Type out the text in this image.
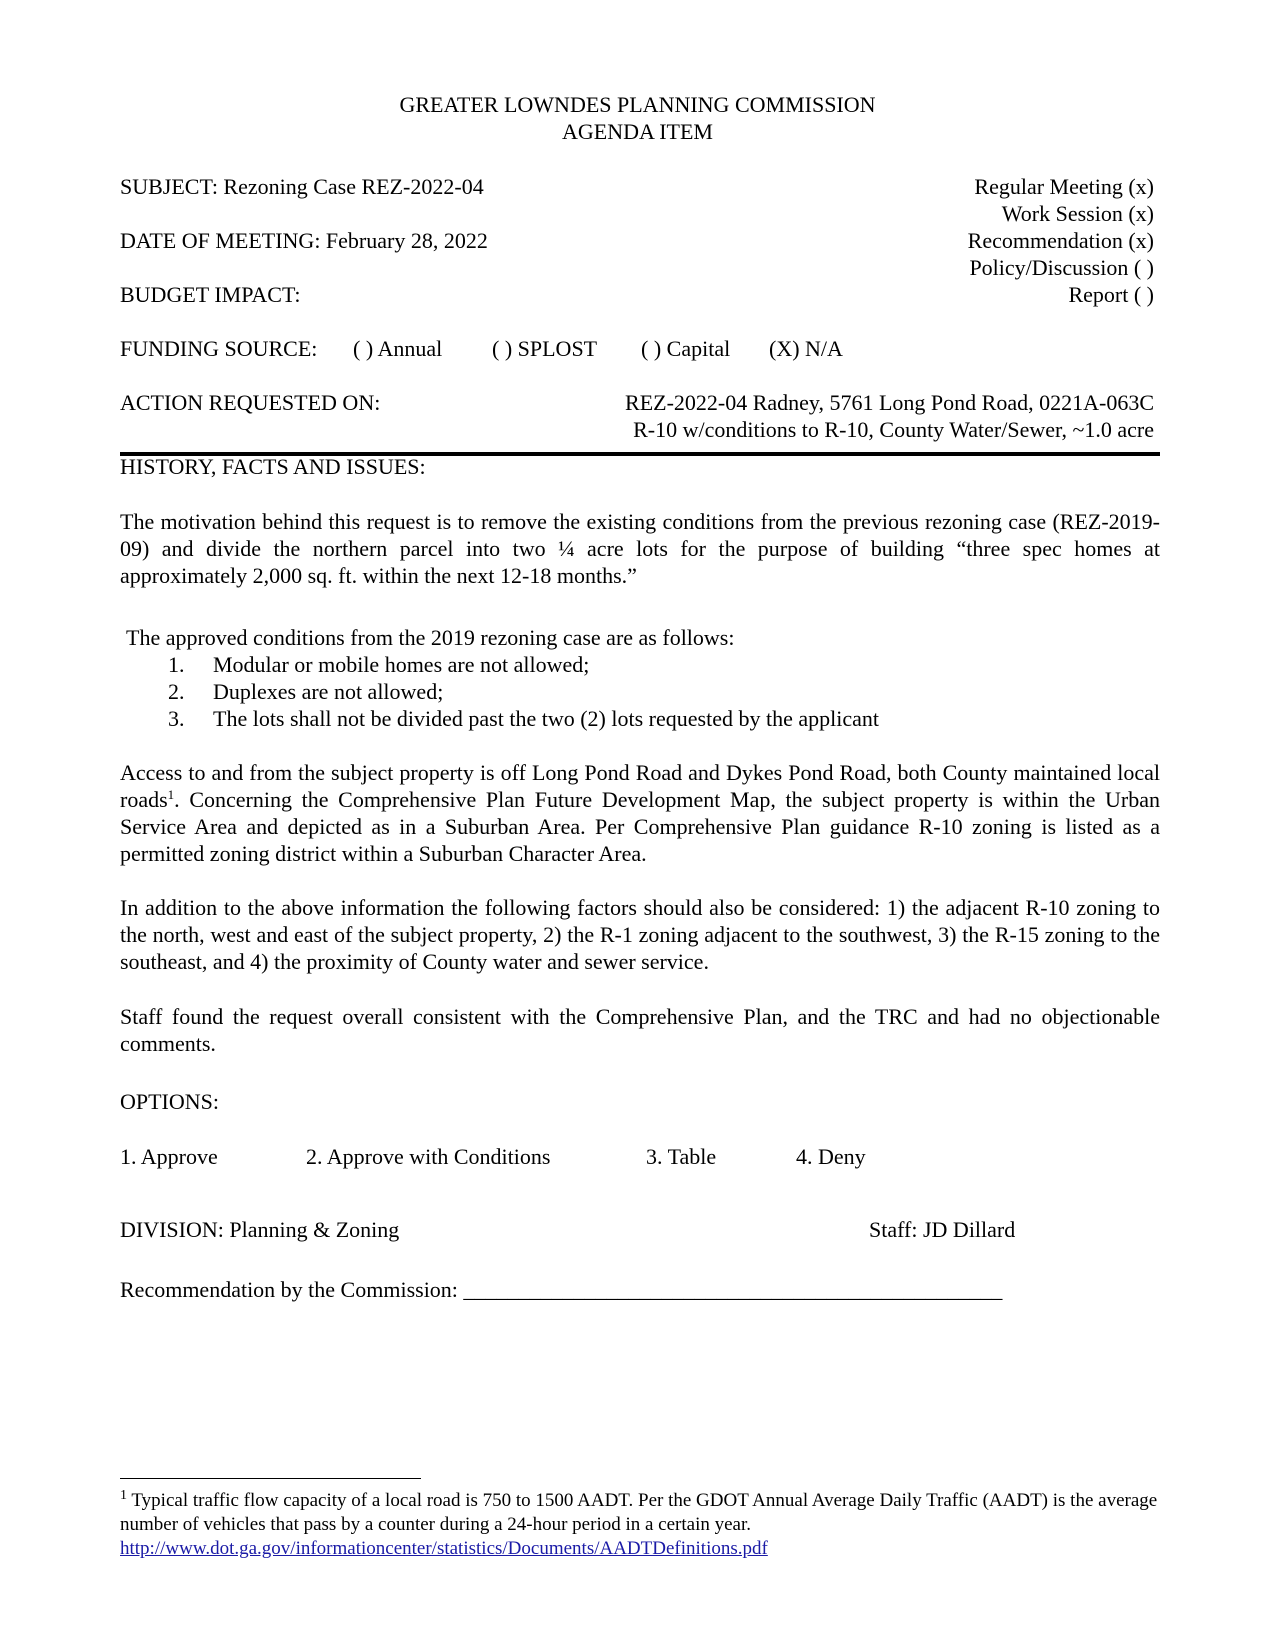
GREATER LOWNDES PLANNING COMMISSION
AGENDA ITEM
SUBJECT: Rezoning Case REZ-2022-04
DATE OF MEETING: February 28, 2022
BUDGET IMPACT:
Regular Meeting (x)
Work Session (x)
Recommendation (x)
Policy/Discussion ( )
Report ( )
FUNDING SOURCE: ( ) Annual ( ) SPLOST ( ) Capital (X) N/A
ACTION REQUESTED ON:	REZ-2022-04 Radney, 5761 Long Pond Road, 0221A-063C
R-10 w/conditions to R-10, County Water/Sewer, ~1.0 acre
HISTORY, FACTS AND ISSUES:
The motivation behind this request is to remove the existing conditions from the previous rezoning case (REZ-2019-09) and divide the northern parcel into two ¼ acre lots for the purpose of building “three spec homes at approximately 2,000 sq. ft. within the next 12-18 months.”
The approved conditions from the 2019 rezoning case are as follows:
1. Modular or mobile homes are not allowed;
2. Duplexes are not allowed;
3. The lots shall not be divided past the two (2) lots requested by the applicant
Access to and from the subject property is off Long Pond Road and Dykes Pond Road, both County maintained local roads$^1$. Concerning the Comprehensive Plan Future Development Map, the subject property is within the Urban Service Area and depicted as in a Suburban Area. Per Comprehensive Plan guidance R-10 zoning is listed as a permitted zoning district within a Suburban Character Area.
In addition to the above information the following factors should also be considered: 1) the adjacent R-10 zoning to the north, west and east of the subject property, 2) the R-1 zoning adjacent to the southwest, 3) the R-15 zoning to the southeast, and 4) the proximity of County water and sewer service.
Staff found the request overall consistent with the Comprehensive Plan, and the TRC and had no objectionable comments.
OPTIONS:
1. Approve	2. Approve with Conditions	3. Table	4. Deny
DIVISION: Planning & Zoning	Staff: JD Dillard
Recommendation by the Commission: _________________________________________________
$^1$ Typical traffic flow capacity of a local road is 750 to 1500 AADT. Per the GDOT Annual Average Daily Traffic (AADT) is the average number of vehicles that pass by a counter during a 24-hour period in a certain year.
http://www.dot.ga.gov/informationcenter/statistics/Documents/AADTDefinitions.pdf
